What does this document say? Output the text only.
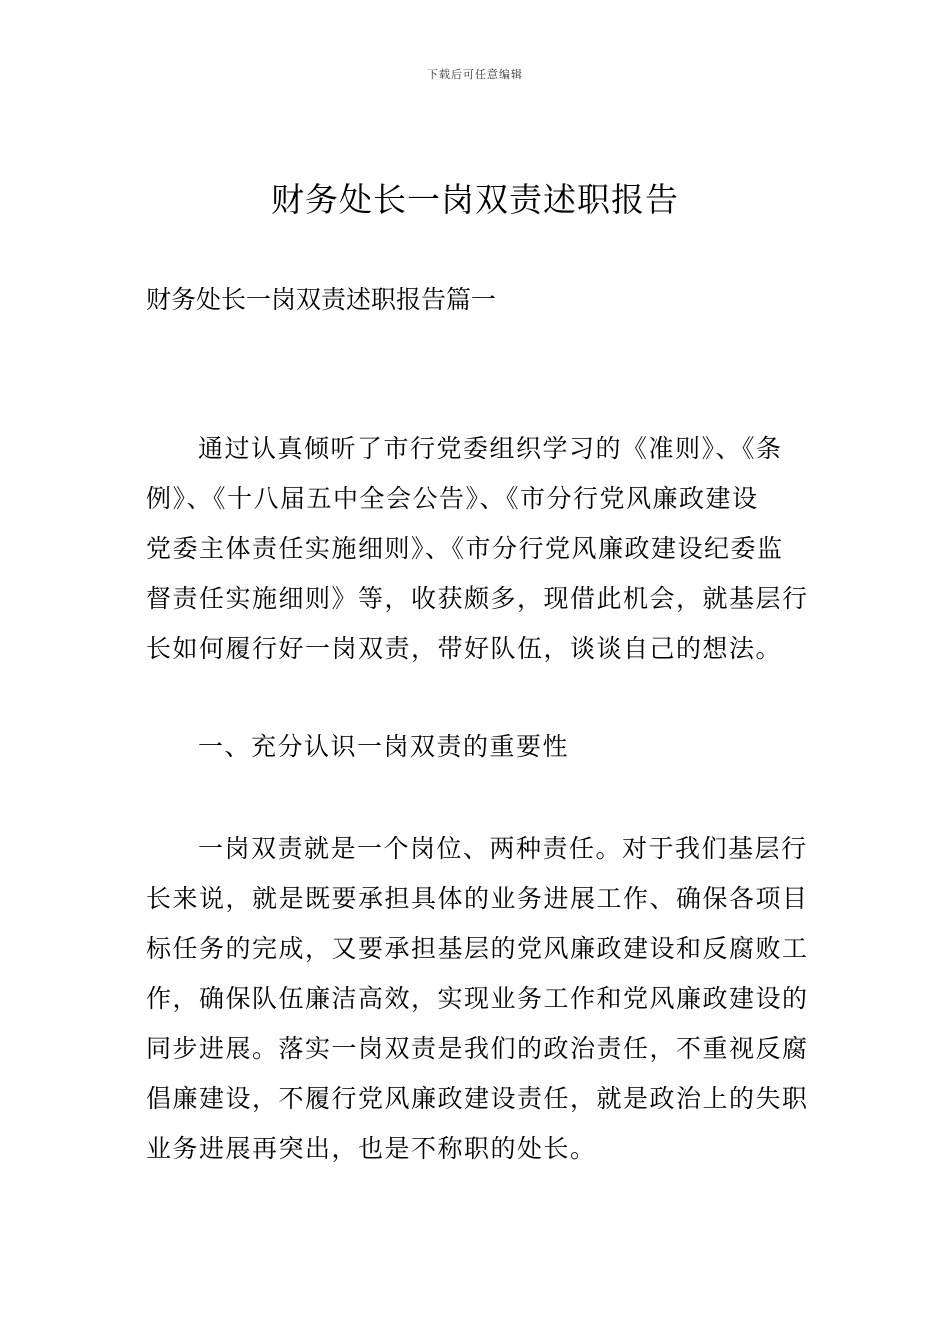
下载后可任意编辑
财务处长一岗双责述职报告

财务处长一岗双责述职报告篇一

通过认真倾听了市行党委组织学习的《准则》、《条
例》、《十八届五中全会公告》、《市分行党风廉政建设
党委主体责任实施细则》、《市分行党风廉政建设纪委监
督责任实施细则》等，收获颇多，现借此机会，就基层行
长如何履行好一岗双责，带好队伍，谈谈自己的想法。
一、充分认识一岗双责的重要性
一岗双责就是一个岗位、两种责任。对于我们基层行
长来说，就是既要承担具体的业务进展工作、确保各项目
标任务的完成，又要承担基层的党风廉政建设和反腐败工
作，确保队伍廉洁高效，实现业务工作和党风廉政建设的
同步进展。落实一岗双责是我们的政治责任，不重视反腐
倡廉建设，不履行党风廉政建设责任，就是政治上的失职
业务进展再突出，也是不称职的处长。
